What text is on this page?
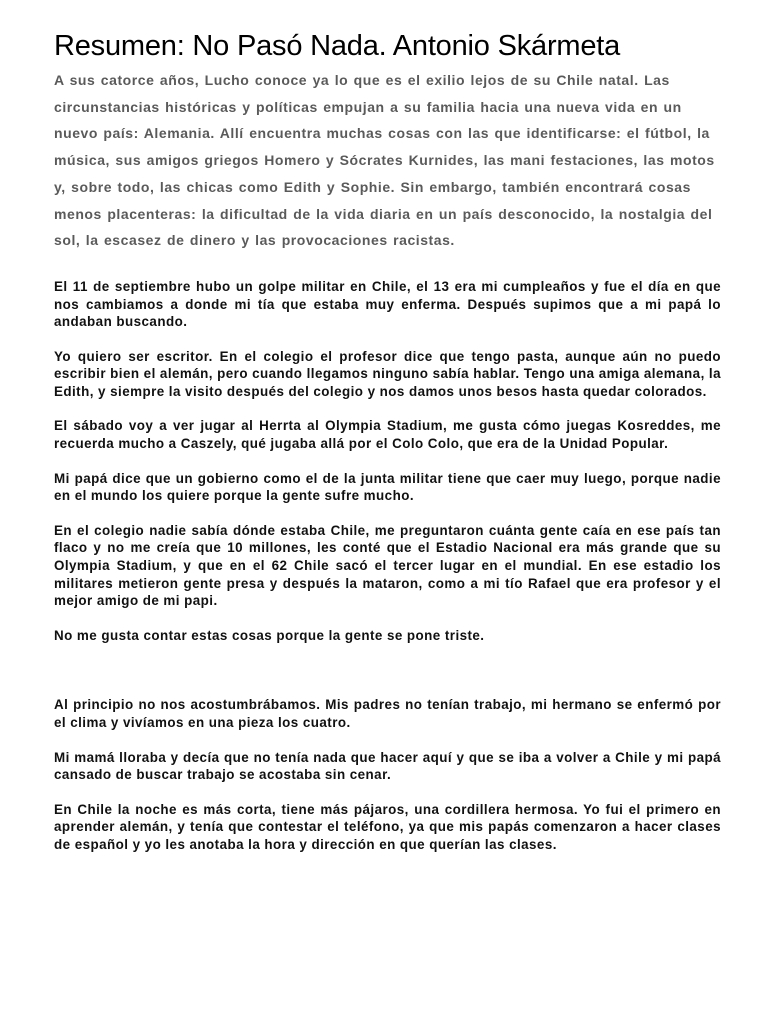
Resumen: No Pasó Nada. Antonio Skármeta

A sus catorce años, Lucho conoce ya lo que es el exilio lejos de su Chile natal. Las circunstancias históricas y políticas empujan a su familia hacia una nueva vida en un nuevo país: Alemania. Allí encuentra muchas cosas con las que identificarse: el fútbol, la música, sus amigos griegos Homero y Sócrates Kurnides, las mani festaciones, las motos y, sobre todo, las chicas como Edith y Sophie. Sin embargo, también encontrará cosas menos placenteras: la dificultad de la vida diaria en un país desconocido, la nostalgia del sol, la escasez de dinero y las provocaciones racistas.

El 11 de septiembre hubo un golpe militar en Chile, el 13 era mi cumpleaños y fue el día en que nos cambiamos a donde mi tía que estaba muy enferma. Después supimos que a mi papá lo andaban buscando.

Yo quiero ser escritor. En el colegio el profesor dice que tengo pasta, aunque aún no puedo escribir bien el alemán, pero cuando llegamos ninguno sabía hablar. Tengo una amiga alemana, la Edith, y siempre la visito después del colegio y nos damos unos besos hasta quedar colorados.

El sábado voy a ver jugar al Herrta al Olympia Stadium, me gusta cómo juegas Kosreddes, me recuerda mucho a Caszely, qué jugaba allá por el Colo Colo, que era de la Unidad Popular.

Mi papá dice que un gobierno como el de la junta militar tiene que caer muy luego, porque nadie en el mundo los quiere porque la gente sufre mucho.

En el colegio nadie sabía dónde estaba Chile, me preguntaron cuánta gente caía en ese país tan flaco y no me creía que 10 millones, les conté que el Estadio Nacional era más grande que su Olympia Stadium, y que en el 62 Chile sacó el tercer lugar en el mundial. En ese estadio los militares metieron gente presa y después la mataron, como a mi tío Rafael que era profesor y el mejor amigo de mi papi.

No me gusta contar estas cosas porque la gente se pone triste.

Al principio no nos acostumbrábamos. Mis padres no tenían trabajo, mi hermano se enfermó por el clima y vivíamos en una pieza los cuatro.

Mi mamá lloraba y decía que no tenía nada que hacer aquí y que se iba a volver a Chile y mi papá cansado de buscar trabajo se acostaba sin cenar.

En Chile la noche es más corta, tiene más pájaros, una cordillera hermosa. Yo fui el primero en aprender alemán, y tenía que contestar el teléfono, ya que mis papás comenzaron a hacer clases de español y yo les anotaba la hora y dirección en que querían las clases.
